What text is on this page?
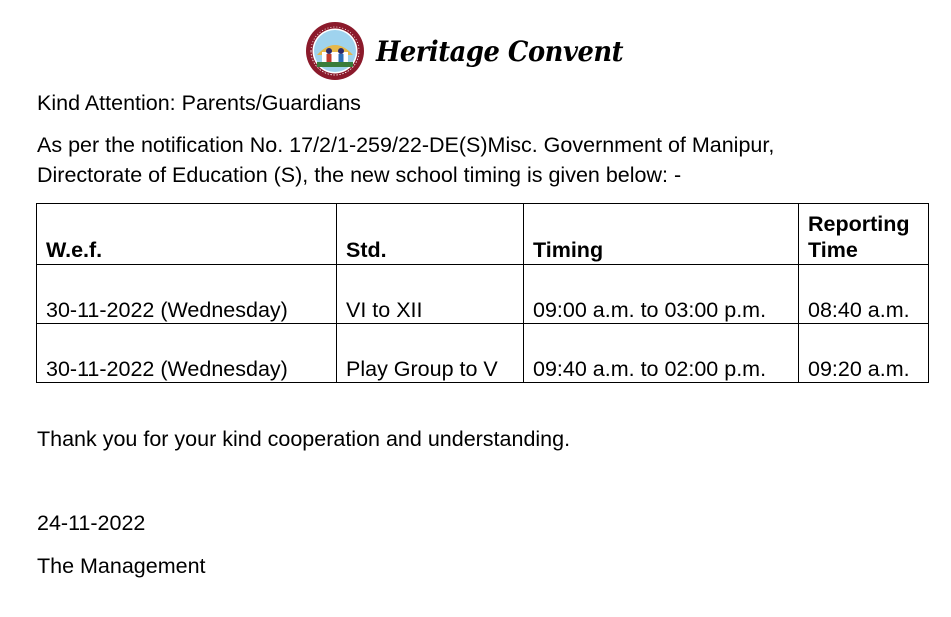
Heritage Convent
Kind Attention: Parents/Guardians
As per the notification No. 17/2/1-259/22-DE(S)Misc. Government of Manipur,
Directorate of Education (S), the new school timing is given below: -
W.e.f.	Std.	Timing	Reporting
Time
30-11-2022 (Wednesday)	VI to XII	09:00 a.m. to 03:00 p.m.	08:40 a.m.
30-11-2022 (Wednesday)	Play Group to V	09:40 a.m. to 02:00 p.m.	09:20 a.m.
Thank you for your kind cooperation and understanding.
24-11-2022
The Management
